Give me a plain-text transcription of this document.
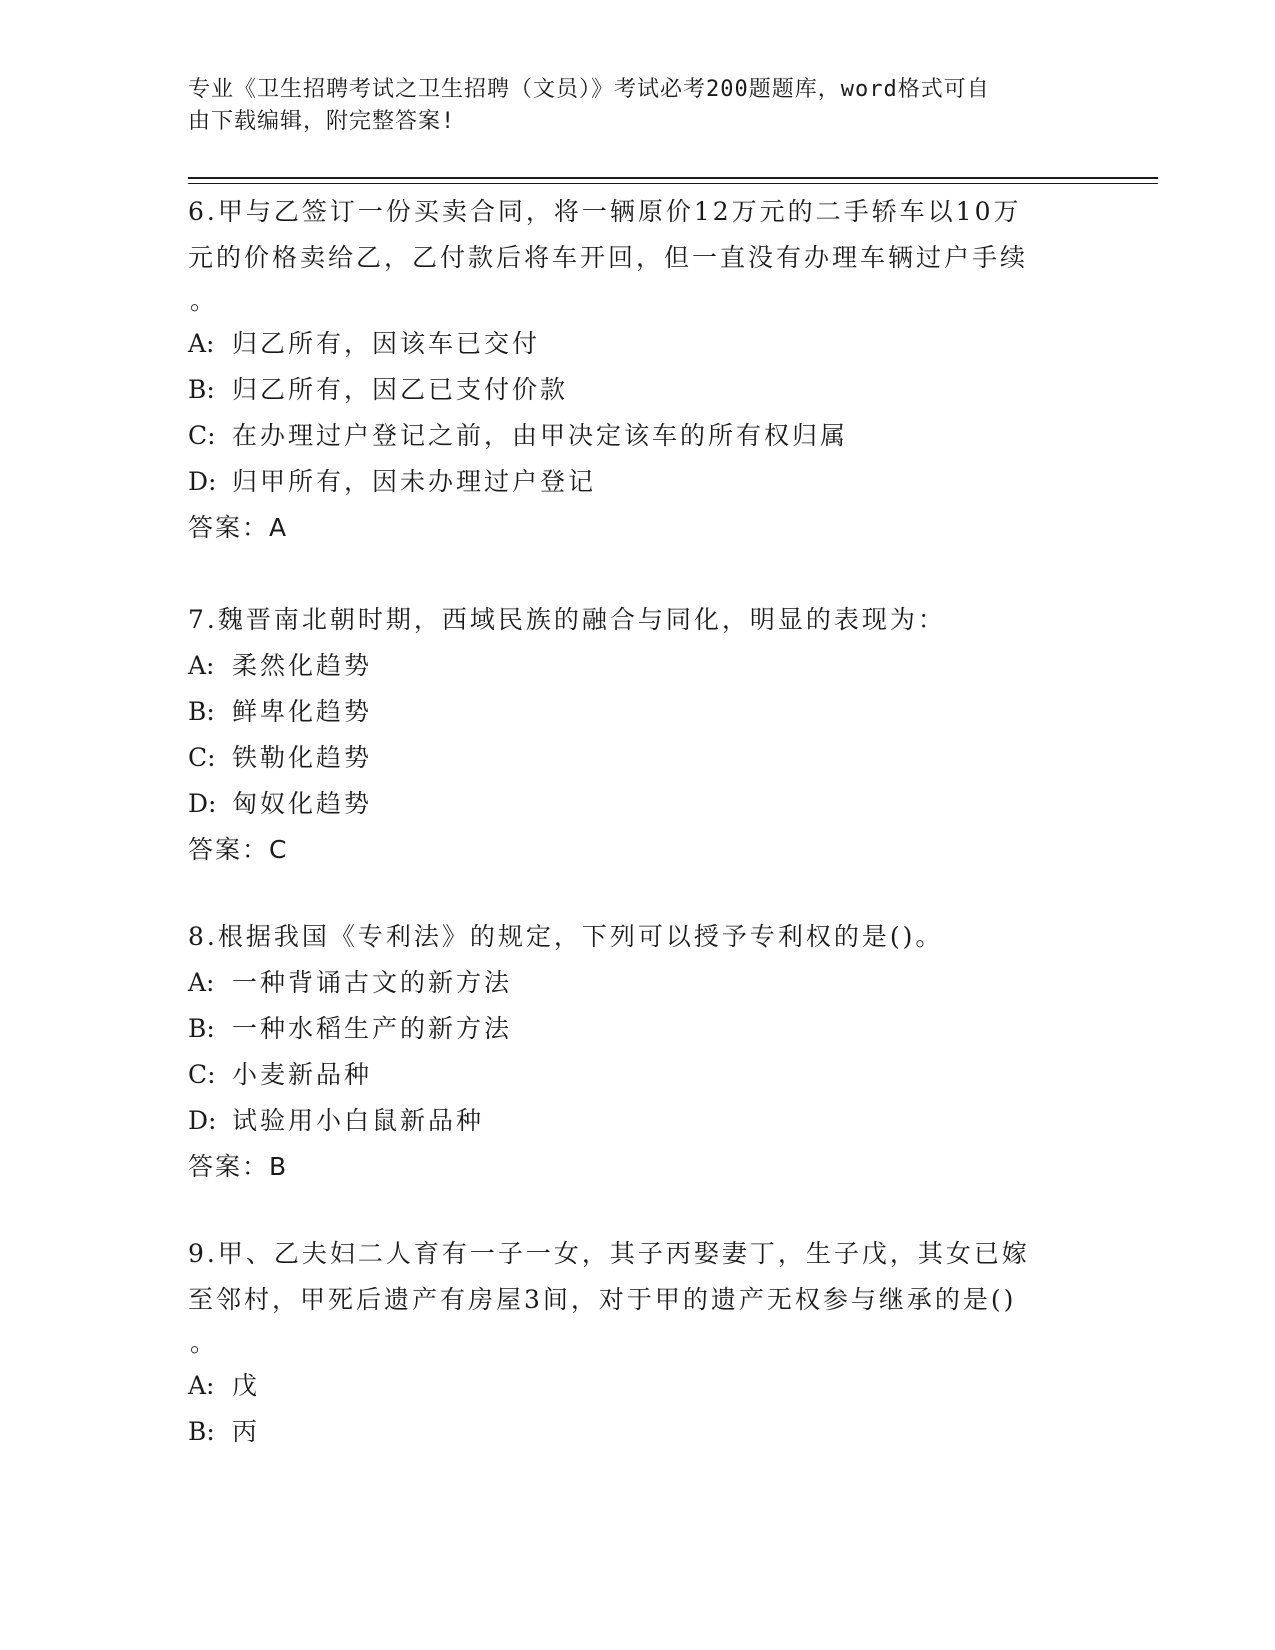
专业《卫生招聘考试之卫生招聘（文员）》考试必考200题题库，word格式可自
由下载编辑，附完整答案!

6.甲与乙签订一份买卖合同，将一辆原价12万元的二手轿车以10万

元的价格卖给乙，乙付款后将车开回，但一直没有办理车辆过户手续

。

A: 归乙所有，因该车已交付

B: 归乙所有，因乙已支付价款

C: 在办理过户登记之前，由甲决定该车的所有权归属

D: 归甲所有，因未办理过户登记

答案：A

7.魏晋南北朝时期，西域民族的融合与同化，明显的表现为：

A: 柔然化趋势

B: 鲜卑化趋势

C: 铁勒化趋势

D: 匈奴化趋势

答案：C

8.根据我国《专利法》的规定，下列可以授予专利权的是()。

A: 一种背诵古文的新方法

B: 一种水稻生产的新方法

C: 小麦新品种

D: 试验用小白鼠新品种

答案：B

9.甲、乙夫妇二人育有一子一女，其子丙娶妻丁，生子戊，其女已嫁

至邻村，甲死后遗产有房屋3间，对于甲的遗产无权参与继承的是()

。

A: 戊

B: 丙
